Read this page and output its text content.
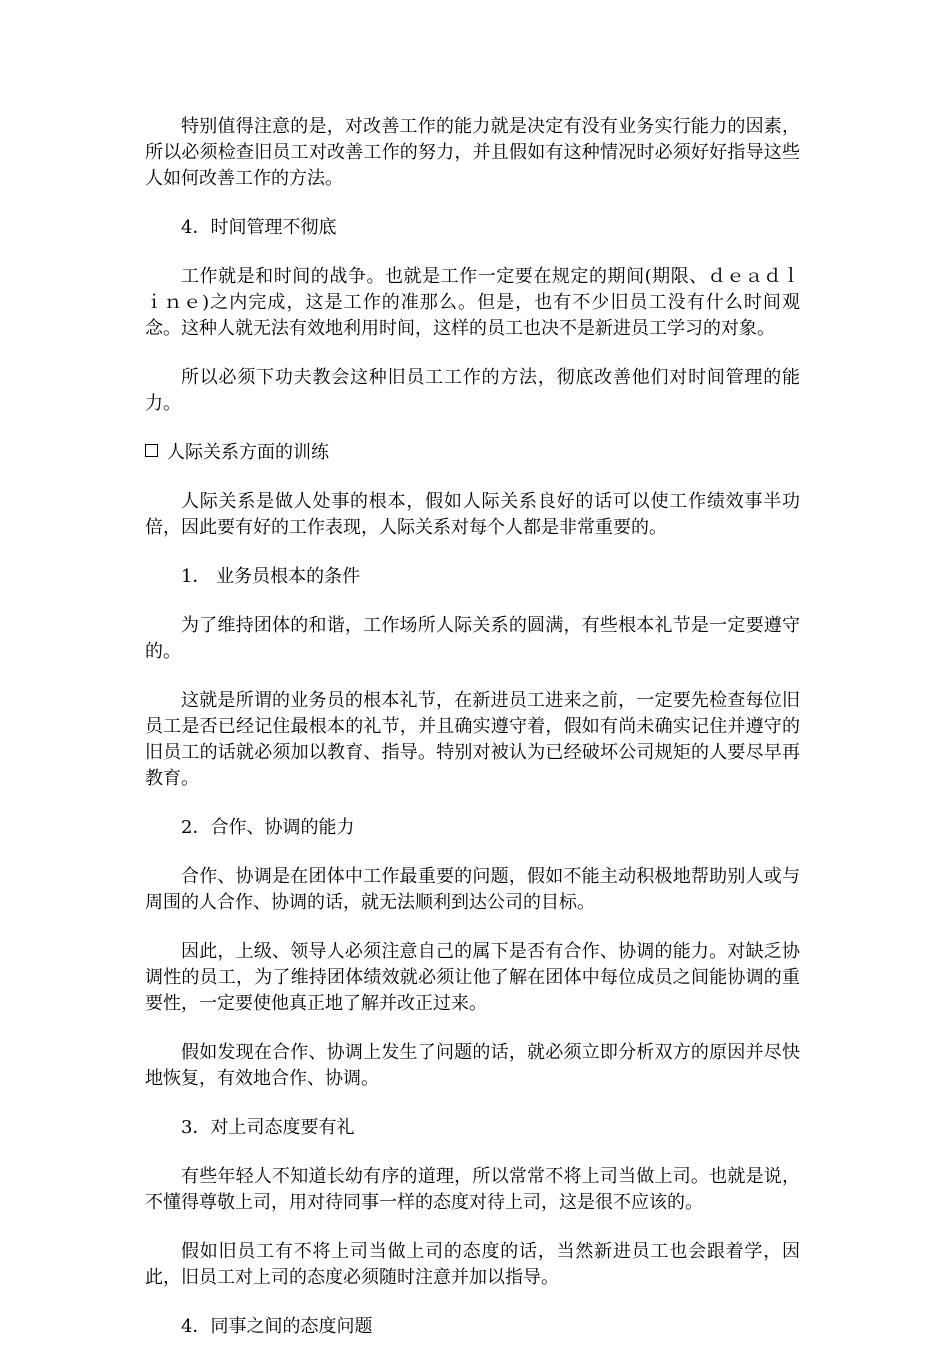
特别值得注意的是，对改善工作的能力就是决定有没有业务实行能力的因素，所以必须检查旧员工对改善工作的努力，并且假如有这种情况时必须好好指导这些人如何改善工作的方法。

4．时间管理不彻底

工作就是和时间的战争。也就是工作一定要在规定的期间(期限、ｄｅａｄｌｉｎｅ)之内完成，这是工作的准那么。但是，也有不少旧员工没有什么时间观念。这种人就无法有效地利用时间，这样的员工也决不是新进员工学习的对象。

所以必须下功夫教会这种旧员工工作的方法，彻底改善他们对时间管理的能力。

人际关系方面的训练

人际关系是做人处事的根本，假如人际关系良好的话可以使工作绩效事半功倍，因此要有好的工作表现，人际关系对每个人都是非常重要的。

1． 业务员根本的条件

为了维持团体的和谐，工作场所人际关系的圆满，有些根本礼节是一定要遵守的。

这就是所谓的业务员的根本礼节，在新进员工进来之前，一定要先检查每位旧员工是否已经记住最根本的礼节，并且确实遵守着，假如有尚未确实记住并遵守的旧员工的话就必须加以教育、指导。特别对被认为已经破坏公司规矩的人要尽早再教育。

2．合作、协调的能力

合作、协调是在团体中工作最重要的问题，假如不能主动积极地帮助别人或与周围的人合作、协调的话，就无法顺利到达公司的目标。

因此，上级、领导人必须注意自己的属下是否有合作、协调的能力。对缺乏协调性的员工，为了维持团体绩效就必须让他了解在团体中每位成员之间能协调的重要性，一定要使他真正地了解并改正过来。

假如发现在合作、协调上发生了问题的话，就必须立即分析双方的原因并尽快地恢复，有效地合作、协调。

3．对上司态度要有礼

有些年轻人不知道长幼有序的道理，所以常常不将上司当做上司。也就是说，不懂得尊敬上司，用对待同事一样的态度对待上司，这是很不应该的。

假如旧员工有不将上司当做上司的态度的话，当然新进员工也会跟着学，因此，旧员工对上司的态度必须随时注意并加以指导。

4．同事之间的态度问题
